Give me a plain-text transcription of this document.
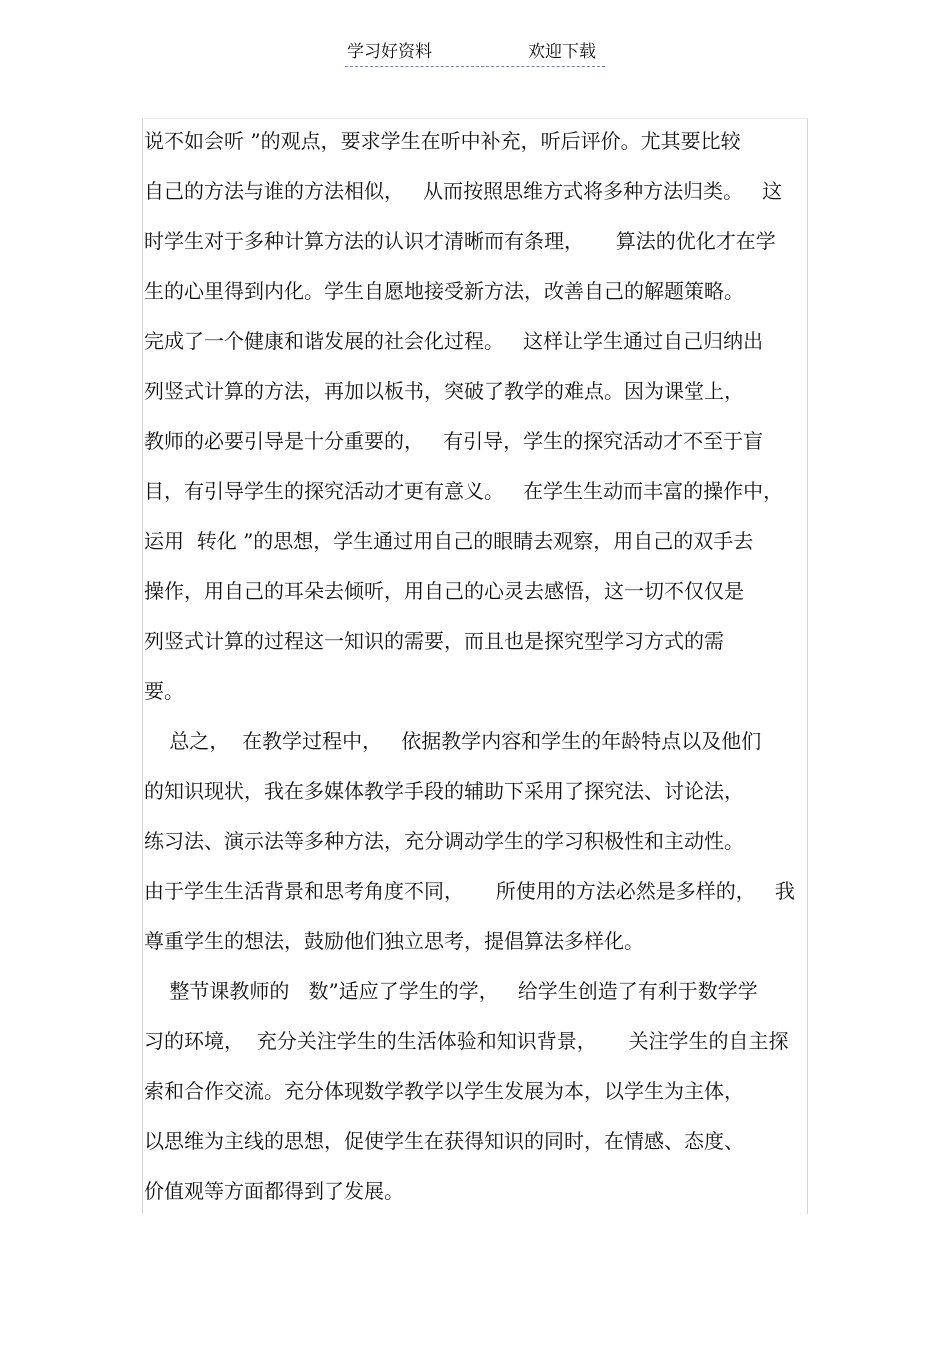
学习好资料	欢迎下载
说不如会听 ”的观点，要求学生在听中补充，听后评价。尤其要比较
自己的方法与谁的方法相似，   从而按照思维方式将多种方法归类。   这
时学生对于多种计算方法的认识才清晰而有条理，     算法的优化才在学
生的心里得到内化。学生自愿地接受新方法，改善自己的解题策略。
完成了一个健康和谐发展的社会化过程。   这样让学生通过自己归纳出
列竖式计算的方法，再加以板书，突破了教学的难点。因为课堂上，
教师的必要引导是十分重要的，   有引导，学生的探究活动才不至于盲
目，有引导学生的探究活动才更有意义。   在学生生动而丰富的操作中，
运用  转化 ”的思想，学生通过用自己的眼睛去观察，用自己的双手去
操作，用自己的耳朵去倾听，用自己的心灵去感悟，这一切不仅仅是
列竖式计算的过程这一知识的需要，而且也是探究型学习方式的需
要。
总之，  在教学过程中，   依据教学内容和学生的年龄特点以及他们
的知识现状，我在多媒体教学手段的辅助下采用了探究法、讨论法，
练习法、演示法等多种方法，充分调动学生的学习积极性和主动性。
由于学生生活背景和思考角度不同，     所使用的方法必然是多样的，   我
尊重学生的想法，鼓励他们独立思考，提倡算法多样化。
整节课教师的   数”适应了学生的学，   给学生创造了有利于数学学
习的环境，  充分关注学生的生活体验和知识背景，     关注学生的自主探
索和合作交流。充分体现数学教学以学生发展为本，以学生为主体，
以思维为主线的思想，促使学生在获得知识的同时，在情感、态度、
价值观等方面都得到了发展。
